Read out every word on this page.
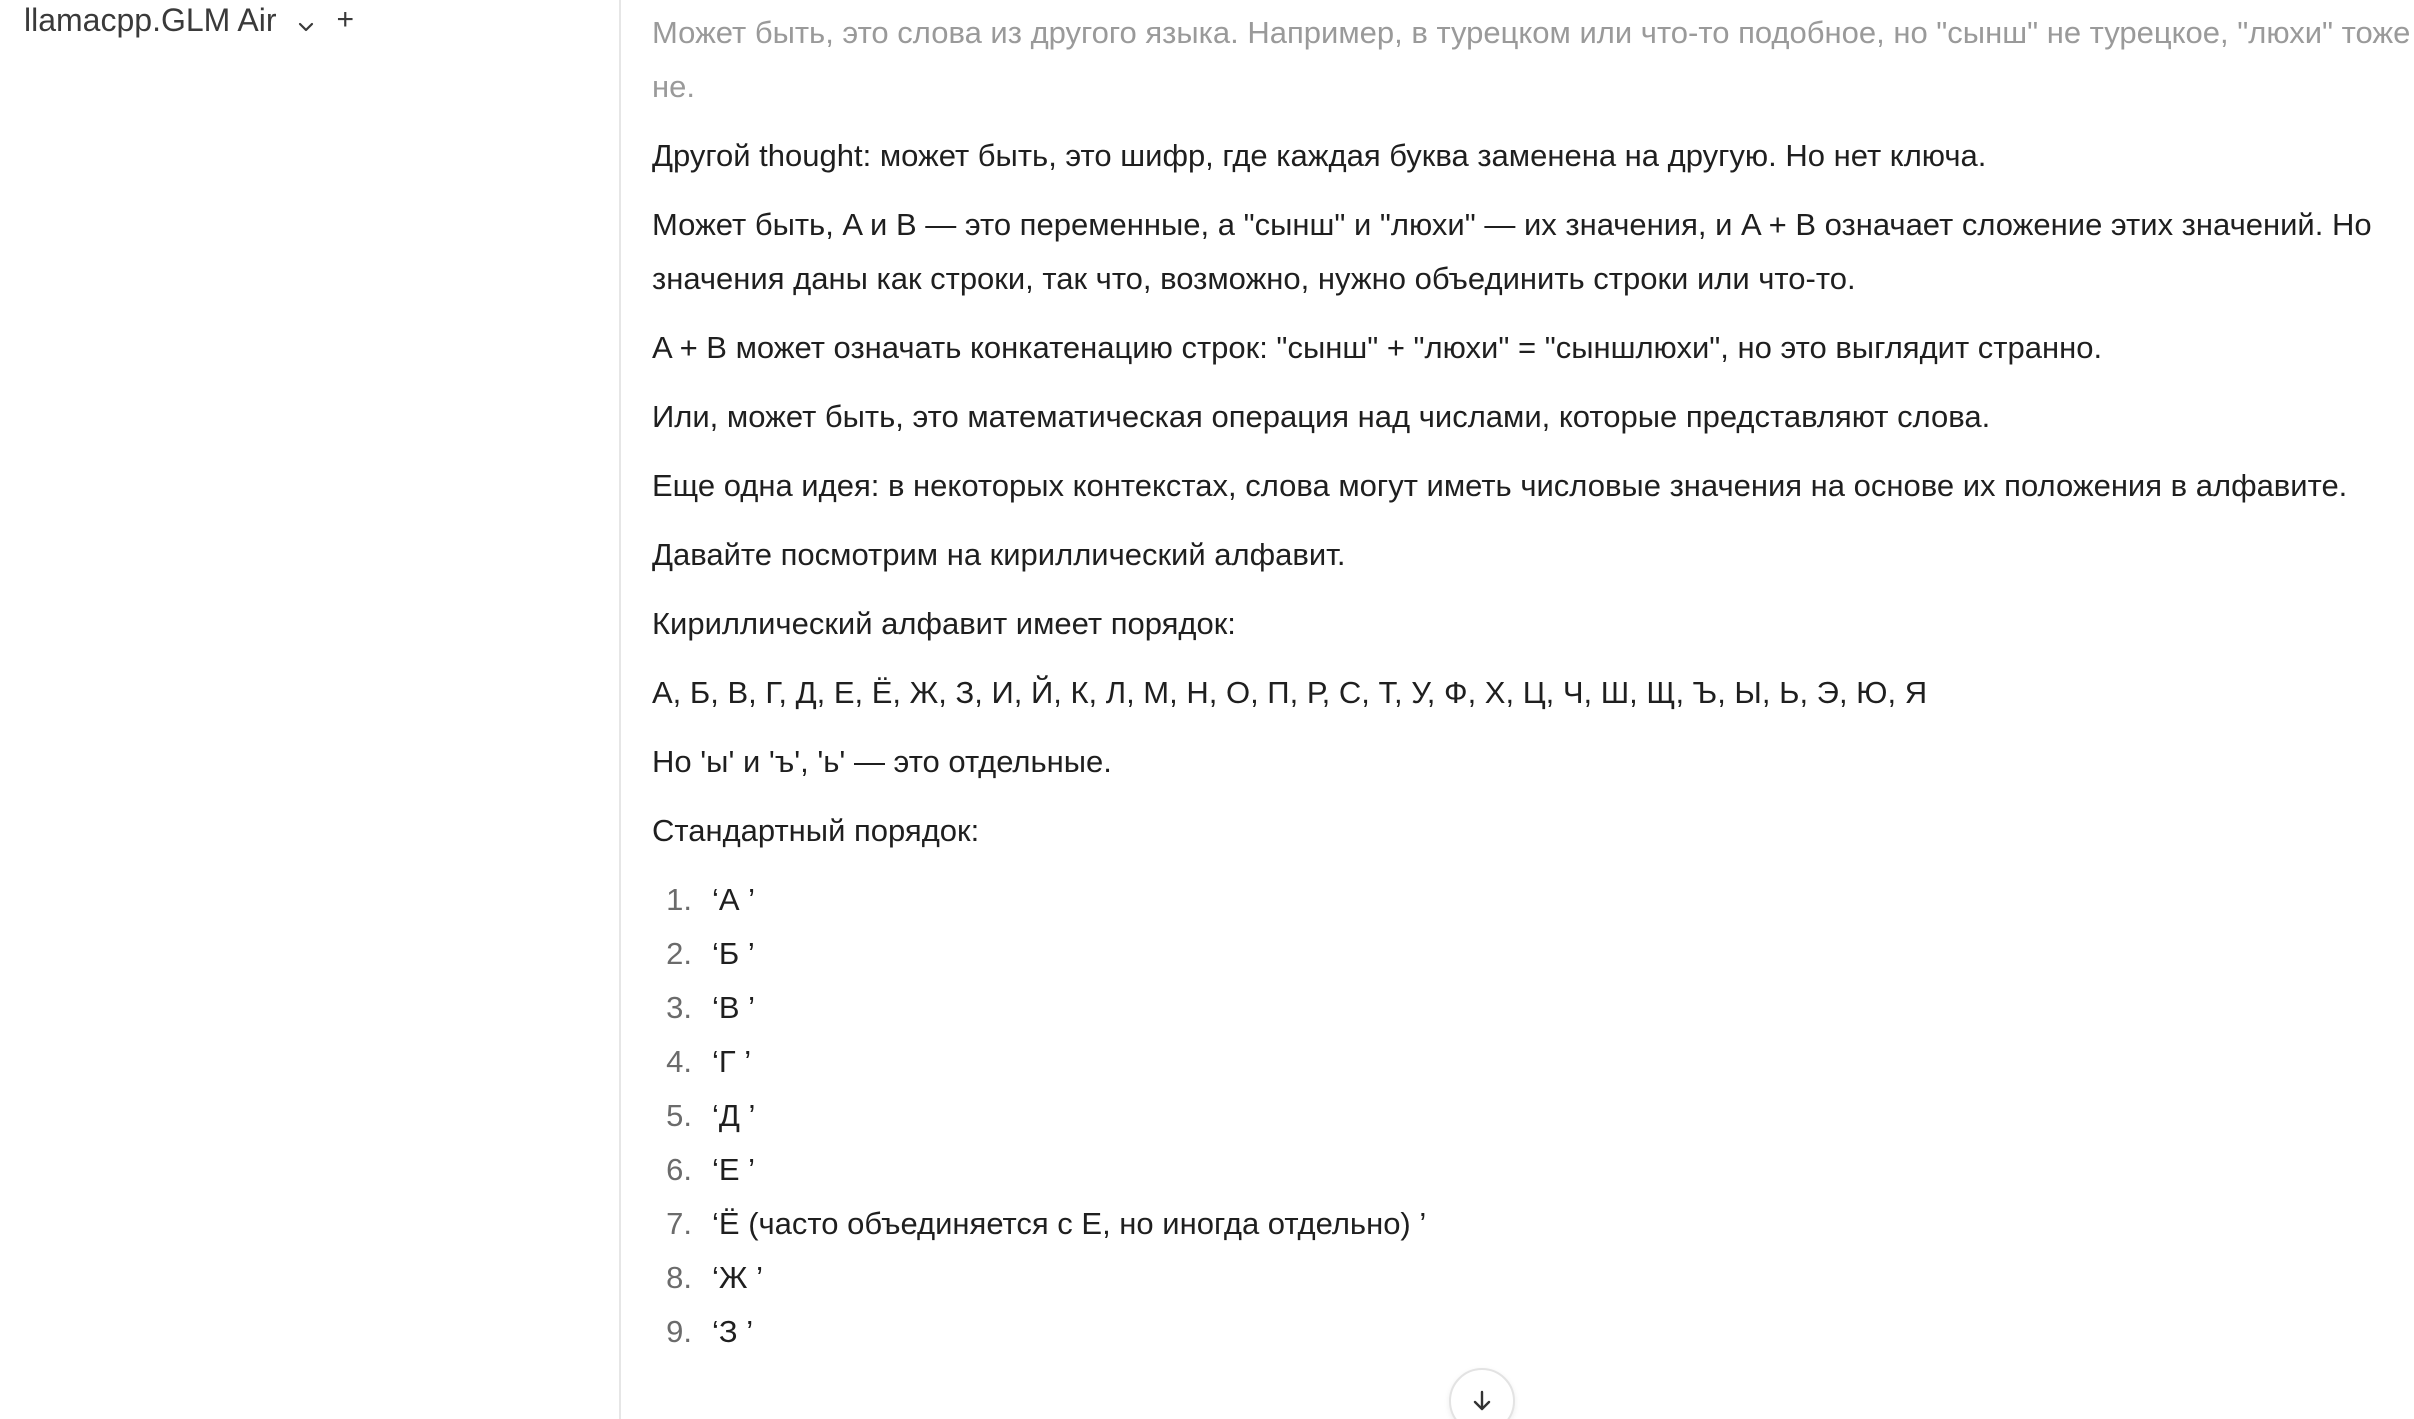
llamacpp.GLM Air +	Может быть, это слова из другого языка. Например, в турецком или что-то подобное, но "сынш" не турецкое, "люхи" тоже не.

Другой thought: может быть, это шифр, где каждая буква заменена на другую. Но нет ключа.

Может быть, A и B — это переменные, а "сынш" и "люхи" — их значения, и A + B означает сложение этих значений. Но значения даны как строки, так что, возможно, нужно объединить строки или что-то.

A + B может означать конкатенацию строк: "сынш" + "люхи" = "сыншлюхи", но это выглядит странно.

Или, может быть, это математическая операция над числами, которые представляют слова.

Еще одна идея: в некоторых контекстах, слова могут иметь числовые значения на основе их положения в алфавите.

Давайте посмотрим на кириллический алфавит.

Кириллический алфавит имеет порядок:

А, Б, В, Г, Д, Е, Ё, Ж, З, И, Й, К, Л, М, Н, О, П, Р, С, Т, У, Ф, Х, Ц, Ч, Ш, Щ, Ъ, Ы, Ь, Э, Ю, Я

Но 'ы' и 'ъ', 'ь' — это отдельные.

Стандартный порядок:

1. ‘А ’
2. ‘Б ’
3. ‘В ’
4. ‘Г ’
5. ‘Д ’
6. ‘Е ’
7. ‘Ё (часто объединяется с Е, но иногда отдельно) ’
8. ‘Ж ’
9. ‘З ’
